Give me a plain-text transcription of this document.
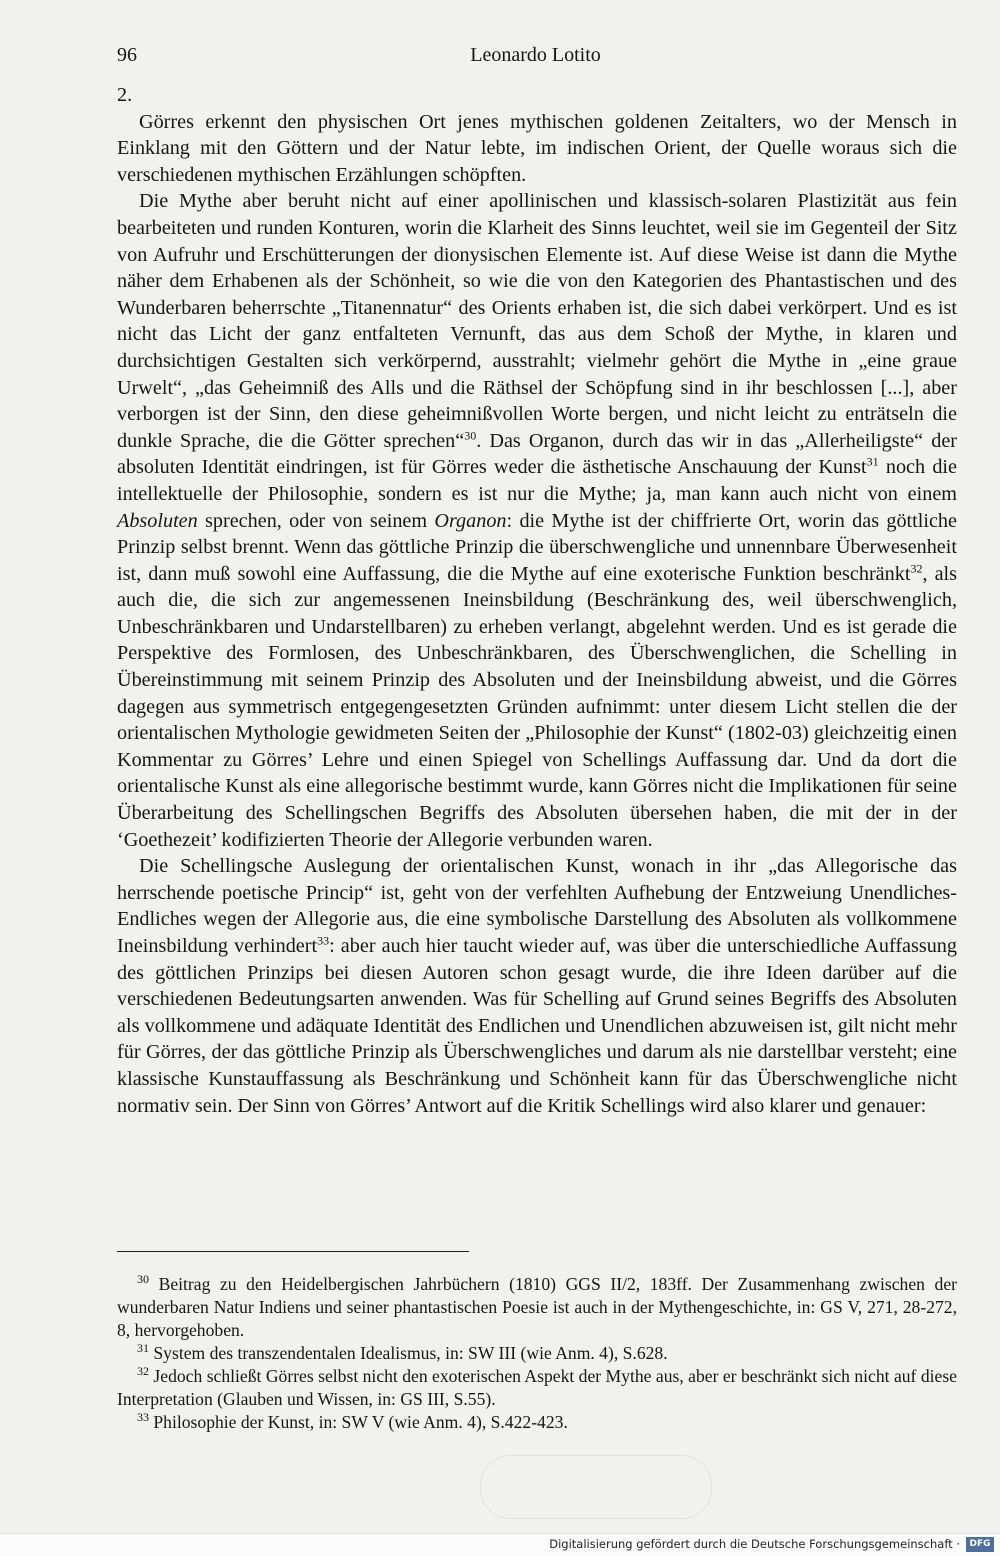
96	Leonardo Lotito

2.

Görres erkennt den physischen Ort jenes mythischen goldenen Zeitalters, wo der Mensch in Einklang mit den Göttern und der Natur lebte, im indischen Orient, der Quelle woraus sich die verschiedenen mythischen Erzählungen schöpften.

Die Mythe aber beruht nicht auf einer apollinischen und klassisch-solaren Plastizität aus fein bearbeiteten und runden Konturen, worin die Klarheit des Sinns leuchtet, weil sie im Gegenteil der Sitz von Aufruhr und Erschütterungen der dionysischen Elemente ist. Auf diese Weise ist dann die Mythe näher dem Erhabenen als der Schönheit, so wie die von den Kategorien des Phantastischen und des Wunderbaren beherrschte „Titanennatur“ des Orients erhaben ist, die sich dabei verkörpert. Und es ist nicht das Licht der ganz entfalteten Vernunft, das aus dem Schoß der Mythe, in klaren und durchsichtigen Gestalten sich verkörpernd, ausstrahlt; vielmehr gehört die Mythe in „eine graue Urwelt“, „das Geheimniß des Alls und die Räthsel der Schöpfung sind in ihr beschlossen [...], aber verborgen ist der Sinn, den diese geheimnißvollen Worte bergen, und nicht leicht zu enträtseln die dunkle Sprache, die die Götter sprechen“$^{30}$. Das Organon, durch das wir in das „Allerheiligste“ der absoluten Identität eindringen, ist für Görres weder die ästhetische Anschauung der Kunst$^{31}$ noch die intellektuelle der Philosophie, sondern es ist nur die Mythe; ja, man kann auch nicht von einem Absoluten sprechen, oder von seinem Organon: die Mythe ist der chiffrierte Ort, worin das göttliche Prinzip selbst brennt. Wenn das göttliche Prinzip die überschwengliche und unnennbare Überwesenheit ist, dann muß sowohl eine Auffassung, die die Mythe auf eine exoterische Funktion beschränkt$^{32}$, als auch die, die sich zur angemessenen Ineinsbildung (Beschränkung des, weil überschwenglich, Unbeschränkbaren und Undarstellbaren) zu erheben verlangt, abgelehnt werden. Und es ist gerade die Perspektive des Formlosen, des Unbeschränkbaren, des Überschwenglichen, die Schelling in Übereinstimmung mit seinem Prinzip des Absoluten und der Ineinsbildung abweist, und die Görres dagegen aus symmetrisch entgegengesetzten Gründen aufnimmt: unter diesem Licht stellen die der orientalischen Mythologie gewidmeten Seiten der „Philosophie der Kunst“ (1802-03) gleichzeitig einen Kommentar zu Görres’ Lehre und einen Spiegel von Schellings Auffassung dar. Und da dort die orientalische Kunst als eine allegorische bestimmt wurde, kann Görres nicht die Implikationen für seine Überarbeitung des Schellingschen Begriffs des Absoluten übersehen haben, die mit der in der ‘Goethezeit’ kodifizierten Theorie der Allegorie verbunden waren.

Die Schellingsche Auslegung der orientalischen Kunst, wonach in ihr „das Allegorische das herrschende poetische Princip“ ist, geht von der verfehlten Aufhebung der Entzweiung Unendliches-Endliches wegen der Allegorie aus, die eine symbolische Darstellung des Absoluten als vollkommene Ineinsbildung verhindert$^{33}$: aber auch hier taucht wieder auf, was über die unterschiedliche Auffassung des göttlichen Prinzips bei diesen Autoren schon gesagt wurde, die ihre Ideen darüber auf die verschiedenen Bedeutungsarten anwenden. Was für Schelling auf Grund seines Begriffs des Absoluten als vollkommene und adäquate Identität des Endlichen und Unendlichen abzuweisen ist, gilt nicht mehr für Görres, der das göttliche Prinzip als Überschwengliches und darum als nie darstellbar versteht; eine klassische Kunstauffassung als Beschränkung und Schönheit kann für das Überschwengliche nicht normativ sein. Der Sinn von Görres’ Antwort auf die Kritik Schellings wird also klarer und genauer:

$^{30}$ Beitrag zu den Heidelbergischen Jahrbüchern (1810) GGS II/2, 183ff. Der Zusammenhang zwischen der wunderbaren Natur Indiens und seiner phantastischen Poesie ist auch in der Mythengeschichte, in: GS V, 271, 28-272, 8, hervorgehoben.

$^{31}$ System des transzendentalen Idealismus, in: SW III (wie Anm. 4), S.628.

$^{32}$ Jedoch schließt Görres selbst nicht den exoterischen Aspekt der Mythe aus, aber er beschränkt sich nicht auf diese Interpretation (Glauben und Wissen, in: GS III, S.55).

$^{33}$ Philosophie der Kunst, in: SW V (wie Anm. 4), S.422-423.

Digitalisierung gefördert durch die Deutsche Forschungsgemeinschaft ·	DFG
